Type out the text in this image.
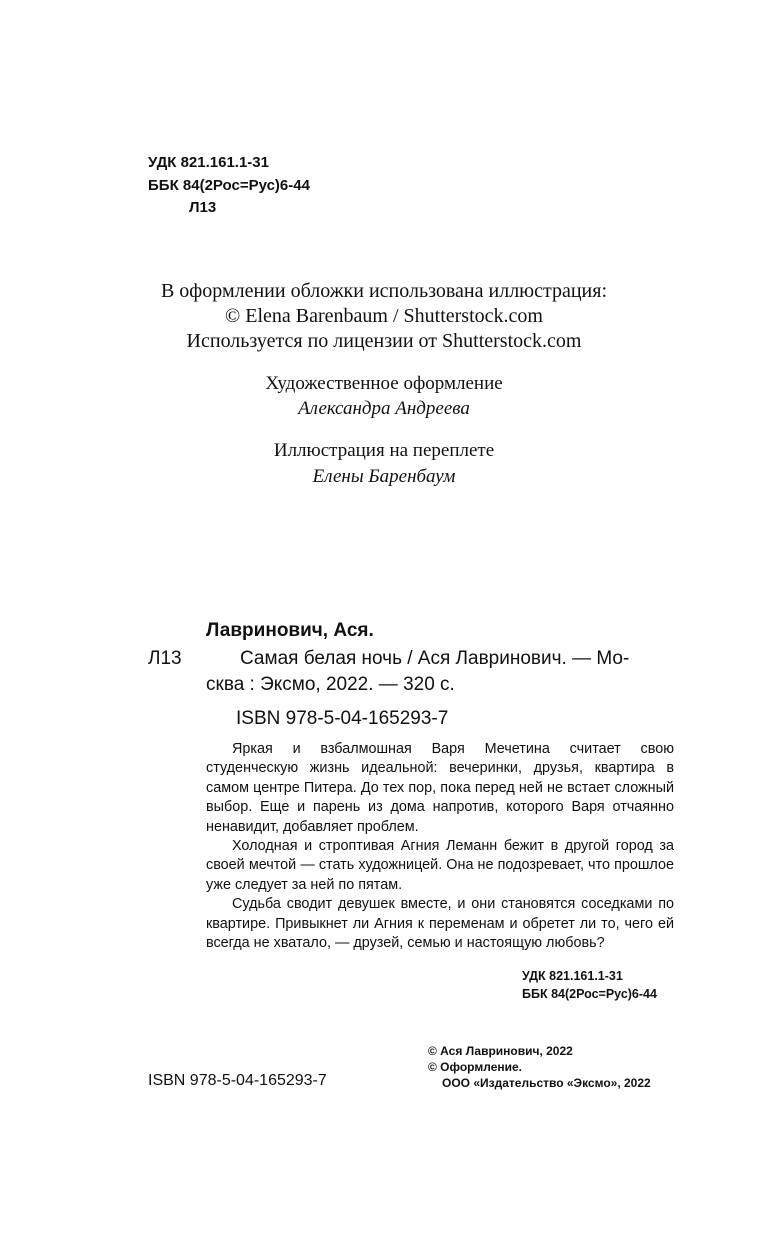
УДК 821.161.1-31
ББК 84(2Рос=Рус)6-44
Л13
В оформлении обложки использована иллюстрация:
© Elena Barenbaum / Shutterstock.com
Используется по лицензии от Shutterstock.com
Художественное оформление
Александра Андреева
Иллюстрация на переплете
Елены Баренбаум
Лавринович, Ася.
Л13	Самая белая ночь / Ася Лавринович. — Мо-
сква : Эксмо, 2022. — 320 с.
ISBN 978-5-04-165293-7

Яркая и взбалмошная Варя Мечетина считает свою студенческую жизнь идеальной: вечеринки, друзья, квартира в самом центре Питера. До тех пор, пока перед ней не встает сложный выбор. Еще и парень из дома напротив, которого Варя отчаянно ненавидит, добавляет проблем.

Холодная и строптивая Агния Леманн бежит в другой город за своей мечтой — стать художницей. Она не подозревает, что прошлое уже следует за ней по пятам.

Судьба сводит девушек вместе, и они становятся соседками по квартире. Привыкнет ли Агния к переменам и обретет ли то, чего ей всегда не хватало, — друзей, семью и настоящую любовь?

УДК 821.161.1-31
ББК 84(2Рос=Рус)6-44
ISBN 978-5-04-165293-7
© Ася Лавринович, 2022
© Оформление.
ООО «Издательство «Эксмо», 2022
